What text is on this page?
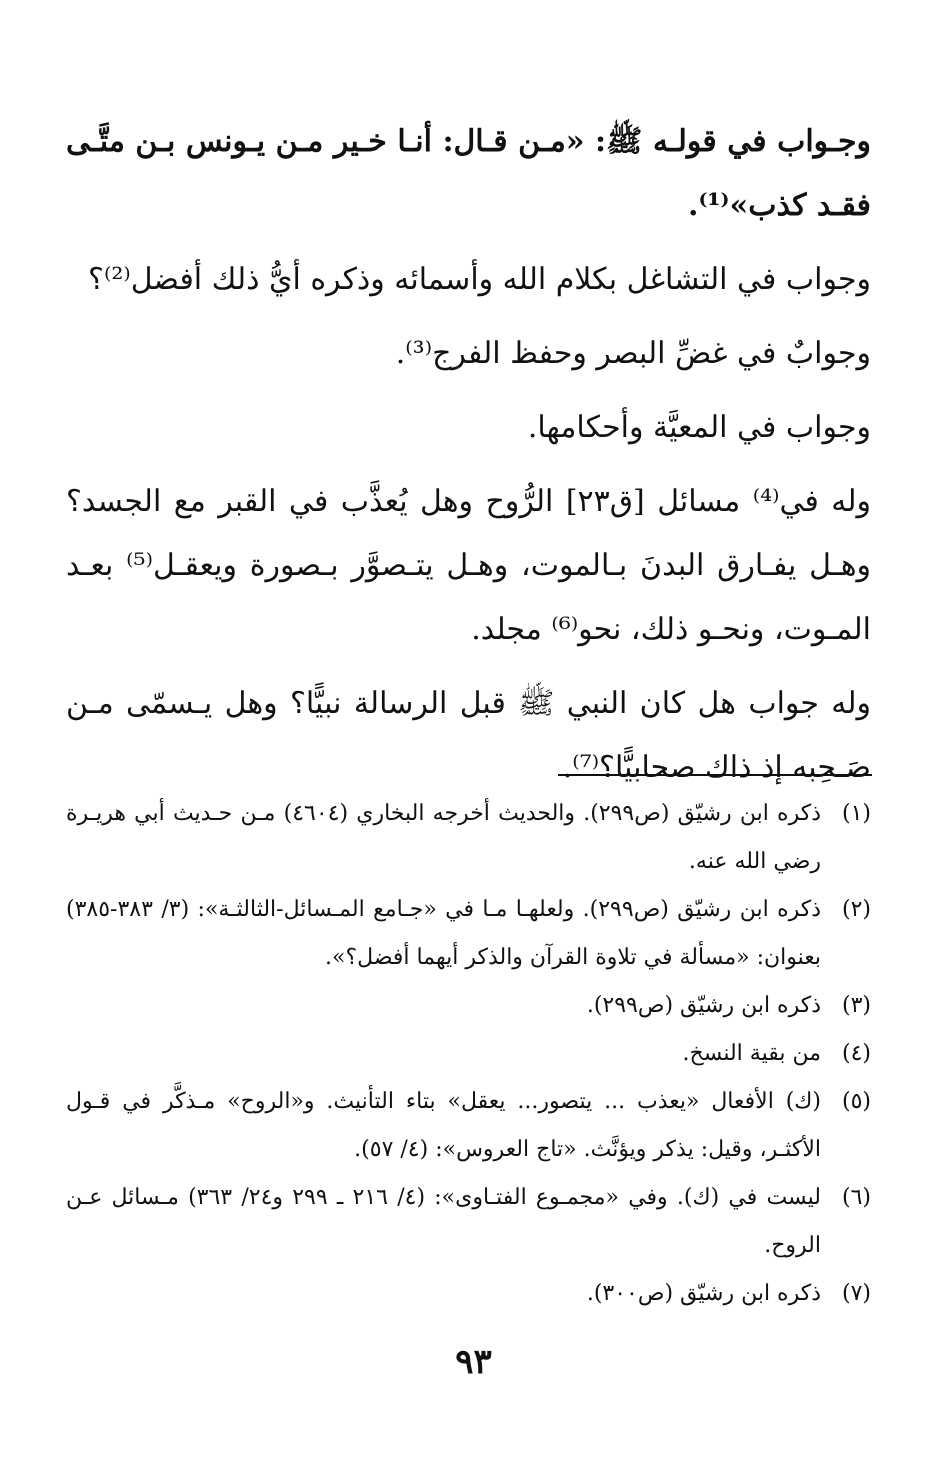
وجـواب في قولـه ﷺ: «مـن قـال: أنـا خـير مـن يـونس بـن متَّـى فقـد كذب»⁽¹⁾.

وجواب في التشاغل بكلام الله وأسمائه وذكره أيُّ ذلك أفضل⁽²⁾؟

وجوابٌ في غضِّ البصر وحفظ الفرج⁽³⁾.

وجواب في المعيَّة وأحكامها.

وله في⁽⁴⁾ مسائل [ق٢٣] الرُّوح وهل يُعذَّب في القبر مع الجسد؟ وهـل يفـارق البدنَ بـالموت، وهـل يتـصوَّر بـصورة ويعقـل⁽⁵⁾ بعـد المـوت، ونحـو ذلك، نحو⁽⁶⁾ مجلد.

وله جواب هل كان النبي ﷺ قبل الرسالة نبيًّا؟ وهل يـسمّى مـن صَـحِبه إذ ذاك صحابيًّا؟⁽⁷⁾.

(١)
ذكره ابن رشيّق (ص٢٩٩). والحديث أخرجه البخاري (٤٦٠٤) مـن حـديث أبي هريـرة رضي الله عنه.
(٢)
ذكره ابن رشيّق (ص٢٩٩). ولعلهـا مـا في «جـامع المـسائل-الثالثـة»: (٣/ ٣٨٣-٣٨٥) بعنوان: «مسألة في تلاوة القرآن والذكر أيهما أفضل؟».
(٣)
ذكره ابن رشيّق (ص٢٩٩).
(٤)
من بقية النسخ.
(٥)
(ك) الأفعال «يعذب ... يتصور... يعقل» بتاء التأنيث. و«الروح» مـذكَّر في قـول الأكثـر، وقيل: يذكر ويؤنَّث. «تاج العروس»: (٤/ ٥٧).
(٦)
ليست في (ك). وفي «مجمـوع الفتـاوى»: (٤/ ٢١٦ ـ ٢٩٩ و٢٤/ ٣٦٣) مـسائل عـن الروح.
(٧)
ذكره ابن رشيّق (ص٣٠٠).
٩٣
